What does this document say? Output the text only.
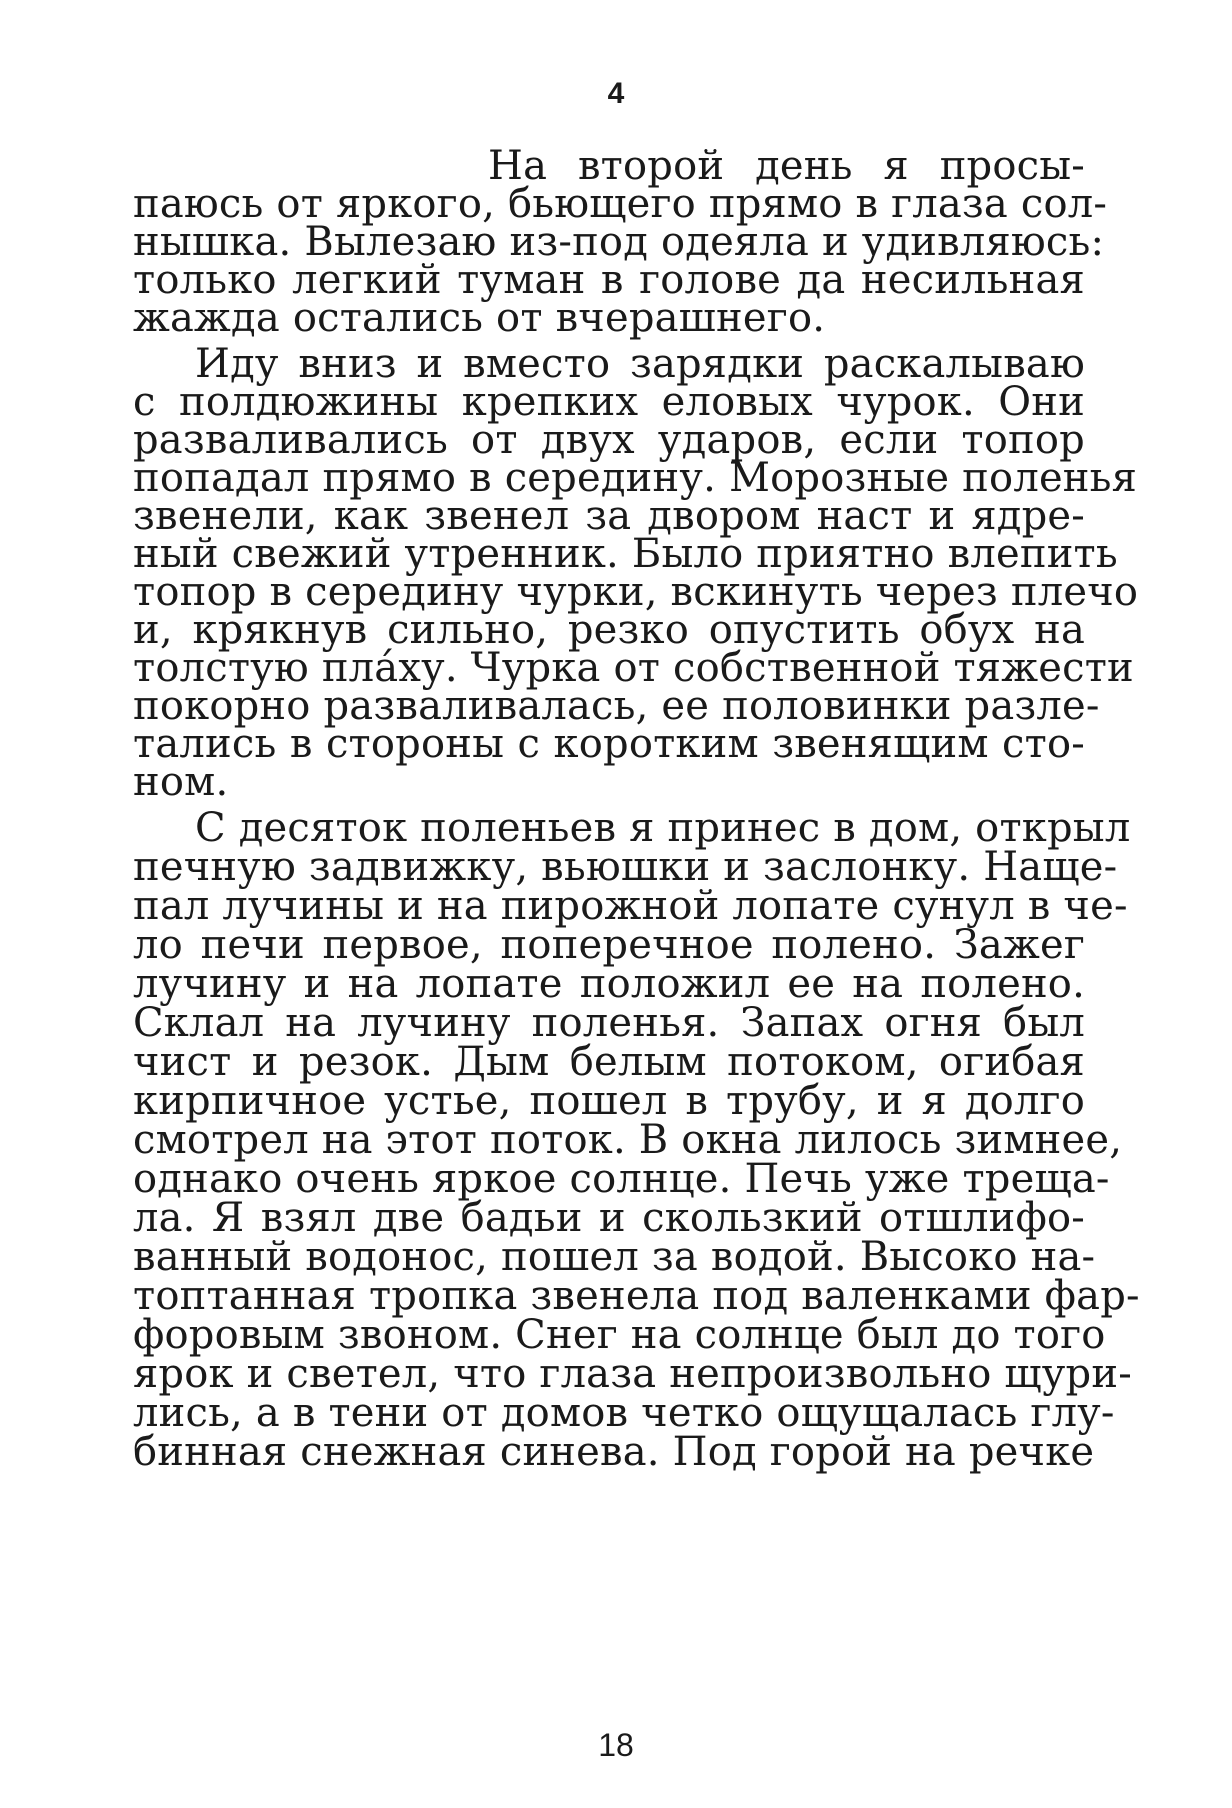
4
На второй день я просы-
паюсь от яркого, бьющего прямо в глаза сол-
нышка. Вылезаю из-под одеяла и удивляюсь:
только легкий туман в голове да несильная
жажда остались от вчерашнего.
Иду вниз и вместо зарядки раскалываю
с полдюжины крепких еловых чурок. Они
разваливались от двух ударов, если топор
попадал прямо в середину. Морозные поленья
звенели, как звенел за двором наст и ядре-
ный свежий утренник. Было приятно влепить
топор в середину чурки, вскинуть через плечо
и, крякнув сильно, резко опустить обух на
толстую пла́ху. Чурка от собственной тяжести
покорно разваливалась, ее половинки разле-
тались в стороны с коротким звенящим сто-
ном.
С десяток поленьев я принес в дом, открыл
печную задвижку, вьюшки и заслонку. Наще-
пал лучины и на пирожной лопате сунул в че-
ло печи первое, поперечное полено. Зажег
лучину и на лопате положил ее на полено.
Склал на лучину поленья. Запах огня был
чист и резок. Дым белым потоком, огибая
кирпичное устье, пошел в трубу, и я долго
смотрел на этот поток. В окна лилось зимнее,
однако очень яркое солнце. Печь уже треща-
ла. Я взял две бадьи и скользкий отшлифо-
ванный водонос, пошел за водой. Высоко на-
топтанная тропка звенела под валенками фар-
форовым звоном. Снег на солнце был до того
ярок и светел, что глаза непроизвольно щури-
лись, а в тени от домов четко ощущалась глу-
бинная снежная синева. Под горой на речке
18
